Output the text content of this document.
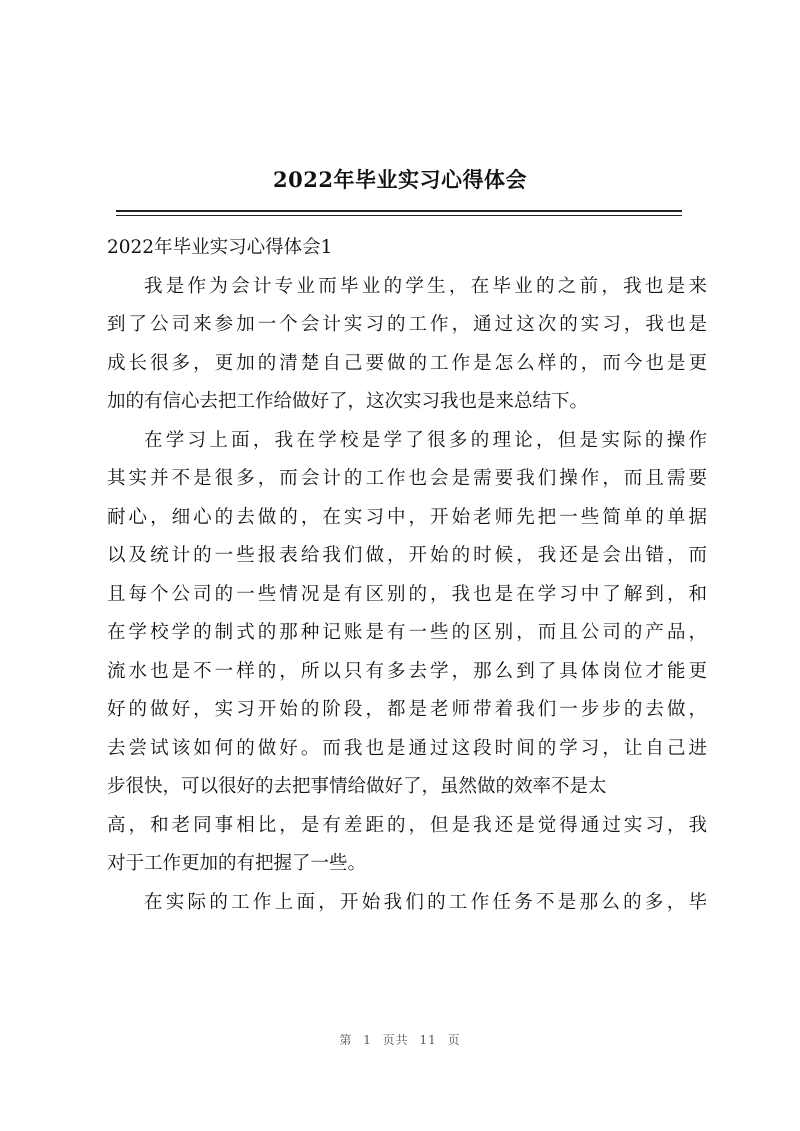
2022年毕业实习心得体会

2022年毕业实习心得体会1

我是作为会计专业而毕业的学生，在毕业的之前，我也是来
到了公司来参加一个会计实习的工作，通过这次的实习，我也是
成长很多，更加的清楚自己要做的工作是怎么样的，而今也是更
加的有信心去把工作给做好了，这次实习我也是来总结下。
在学习上面，我在学校是学了很多的理论，但是实际的操作
其实并不是很多，而会计的工作也会是需要我们操作，而且需要
耐心，细心的去做的，在实习中，开始老师先把一些简单的单据
以及统计的一些报表给我们做，开始的时候，我还是会出错，而
且每个公司的一些情况是有区别的，我也是在学习中了解到，和
在学校学的制式的那种记账是有一些的区别，而且公司的产品，
流水也是不一样的，所以只有多去学，那么到了具体岗位才能更
好的做好，实习开始的阶段，都是老师带着我们一步步的去做，
去尝试该如何的做好。而我也是通过这段时间的学习，让自己进
步很快，可以很好的去把事情给做好了，虽然做的效率不是太
高，和老同事相比，是有差距的，但是我还是觉得通过实习，我
对于工作更加的有把握了一些。
在实际的工作上面，开始我们的工作任务不是那么的多，毕
第 1 页共 11 页
